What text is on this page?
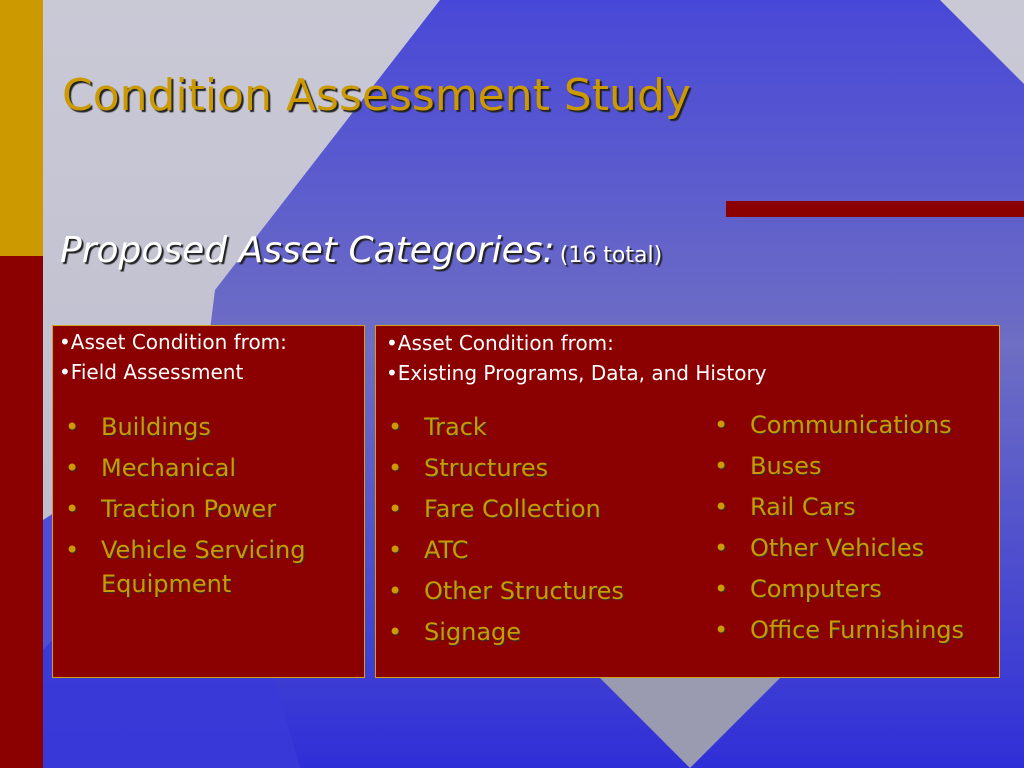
Condition Assessment Study
Proposed Asset Categories: (16 total)
•Asset Condition from:
•Field Assessment
• Buildings
• Mechanical
• Traction Power
• Vehicle Servicing Equipment
•Asset Condition from:
•Existing Programs, Data, and History
• Track
• Structures
• Fare Collection
• ATC
• Other Structures
• Signage
• Communications
• Buses
• Rail Cars
• Other Vehicles
• Computers
• Office Furnishings
